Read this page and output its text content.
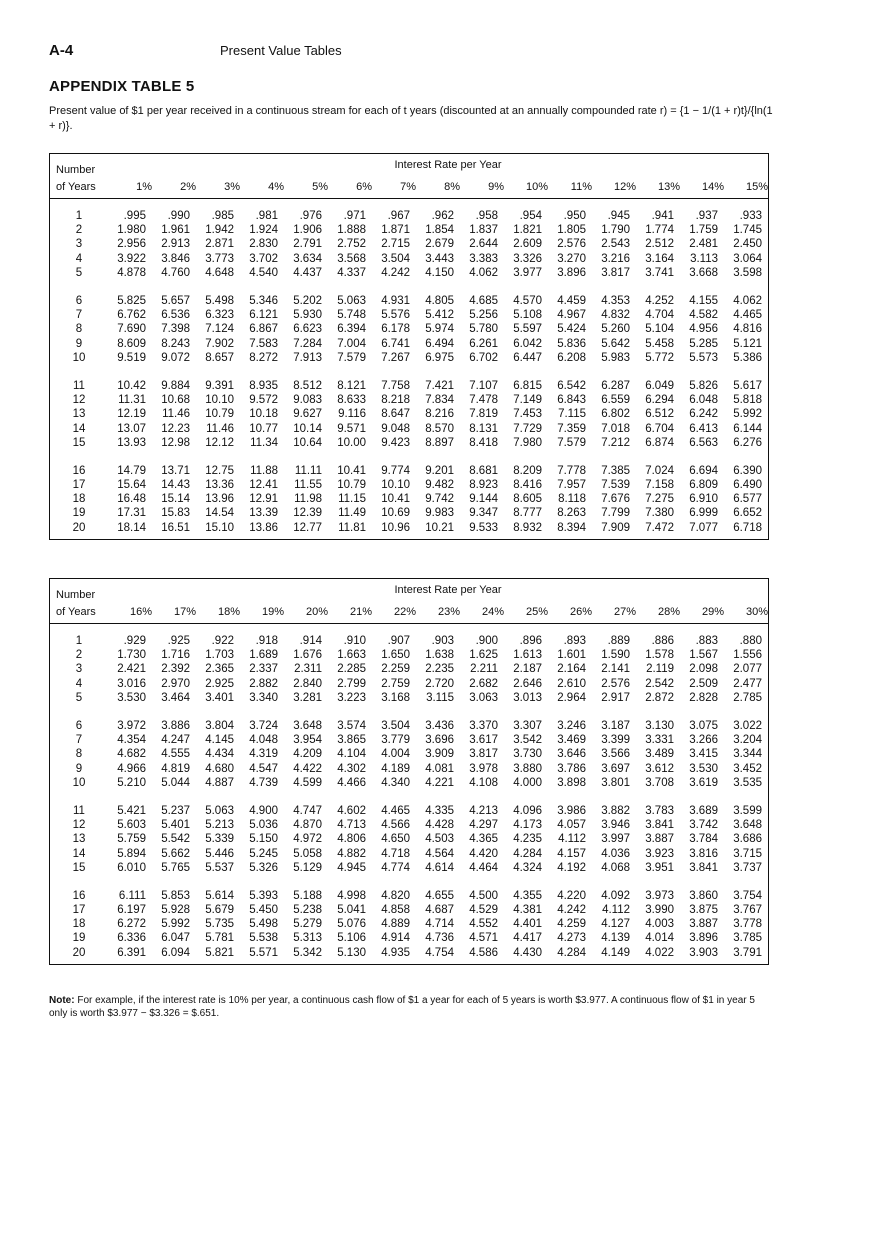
A-4	Present Value Tables
APPENDIX TABLE 5
Present value of $1 per year received in a continuous stream for each of t years (discounted at an annually compounded rate r) = {1 − 1/(1 + r)t}/{ln(1 + r)}.
Number	Interest Rate per Year														
of Years	1%	2%	3%	4%	5%	6%	7%	8%	9%	10%	11%	12%	13%	14%	15%
1	.995	.990	.985	.981	.976	.971	.967	.962	.958	.954	.950	.945	.941	.937	.933
2	1.980	1.961	1.942	1.924	1.906	1.888	1.871	1.854	1.837	1.821	1.805	1.790	1.774	1.759	1.745
3	2.956	2.913	2.871	2.830	2.791	2.752	2.715	2.679	2.644	2.609	2.576	2.543	2.512	2.481	2.450
4	3.922	3.846	3.773	3.702	3.634	3.568	3.504	3.443	3.383	3.326	3.270	3.216	3.164	3.113	3.064
5	4.878	4.760	4.648	4.540	4.437	4.337	4.242	4.150	4.062	3.977	3.896	3.817	3.741	3.668	3.598
6	5.825	5.657	5.498	5.346	5.202	5.063	4.931	4.805	4.685	4.570	4.459	4.353	4.252	4.155	4.062
7	6.762	6.536	6.323	6.121	5.930	5.748	5.576	5.412	5.256	5.108	4.967	4.832	4.704	4.582	4.465
8	7.690	7.398	7.124	6.867	6.623	6.394	6.178	5.974	5.780	5.597	5.424	5.260	5.104	4.956	4.816
9	8.609	8.243	7.902	7.583	7.284	7.004	6.741	6.494	6.261	6.042	5.836	5.642	5.458	5.285	5.121
10	9.519	9.072	8.657	8.272	7.913	7.579	7.267	6.975	6.702	6.447	6.208	5.983	5.772	5.573	5.386
11	10.42	9.884	9.391	8.935	8.512	8.121	7.758	7.421	7.107	6.815	6.542	6.287	6.049	5.826	5.617
12	11.31	10.68	10.10	9.572	9.083	8.633	8.218	7.834	7.478	7.149	6.843	6.559	6.294	6.048	5.818
13	12.19	11.46	10.79	10.18	9.627	9.116	8.647	8.216	7.819	7.453	7.115	6.802	6.512	6.242	5.992
14	13.07	12.23	11.46	10.77	10.14	9.571	9.048	8.570	8.131	7.729	7.359	7.018	6.704	6.413	6.144
15	13.93	12.98	12.12	11.34	10.64	10.00	9.423	8.897	8.418	7.980	7.579	7.212	6.874	6.563	6.276
16	14.79	13.71	12.75	11.88	11.11	10.41	9.774	9.201	8.681	8.209	7.778	7.385	7.024	6.694	6.390
17	15.64	14.43	13.36	12.41	11.55	10.79	10.10	9.482	8.923	8.416	7.957	7.539	7.158	6.809	6.490
18	16.48	15.14	13.96	12.91	11.98	11.15	10.41	9.742	9.144	8.605	8.118	7.676	7.275	6.910	6.577
19	17.31	15.83	14.54	13.39	12.39	11.49	10.69	9.983	9.347	8.777	8.263	7.799	7.380	6.999	6.652
20	18.14	16.51	15.10	13.86	12.77	11.81	10.96	10.21	9.533	8.932	8.394	7.909	7.472	7.077	6.718
Number	Interest Rate per Year														
of Years	16%	17%	18%	19%	20%	21%	22%	23%	24%	25%	26%	27%	28%	29%	30%
1	.929	.925	.922	.918	.914	.910	.907	.903	.900	.896	.893	.889	.886	.883	.880
2	1.730	1.716	1.703	1.689	1.676	1.663	1.650	1.638	1.625	1.613	1.601	1.590	1.578	1.567	1.556
3	2.421	2.392	2.365	2.337	2.311	2.285	2.259	2.235	2.211	2.187	2.164	2.141	2.119	2.098	2.077
4	3.016	2.970	2.925	2.882	2.840	2.799	2.759	2.720	2.682	2.646	2.610	2.576	2.542	2.509	2.477
5	3.530	3.464	3.401	3.340	3.281	3.223	3.168	3.115	3.063	3.013	2.964	2.917	2.872	2.828	2.785
6	3.972	3.886	3.804	3.724	3.648	3.574	3.504	3.436	3.370	3.307	3.246	3.187	3.130	3.075	3.022
7	4.354	4.247	4.145	4.048	3.954	3.865	3.779	3.696	3.617	3.542	3.469	3.399	3.331	3.266	3.204
8	4.682	4.555	4.434	4.319	4.209	4.104	4.004	3.909	3.817	3.730	3.646	3.566	3.489	3.415	3.344
9	4.966	4.819	4.680	4.547	4.422	4.302	4.189	4.081	3.978	3.880	3.786	3.697	3.612	3.530	3.452
10	5.210	5.044	4.887	4.739	4.599	4.466	4.340	4.221	4.108	4.000	3.898	3.801	3.708	3.619	3.535
11	5.421	5.237	5.063	4.900	4.747	4.602	4.465	4.335	4.213	4.096	3.986	3.882	3.783	3.689	3.599
12	5.603	5.401	5.213	5.036	4.870	4.713	4.566	4.428	4.297	4.173	4.057	3.946	3.841	3.742	3.648
13	5.759	5.542	5.339	5.150	4.972	4.806	4.650	4.503	4.365	4.235	4.112	3.997	3.887	3.784	3.686
14	5.894	5.662	5.446	5.245	5.058	4.882	4.718	4.564	4.420	4.284	4.157	4.036	3.923	3.816	3.715
15	6.010	5.765	5.537	5.326	5.129	4.945	4.774	4.614	4.464	4.324	4.192	4.068	3.951	3.841	3.737
16	6.111	5.853	5.614	5.393	5.188	4.998	4.820	4.655	4.500	4.355	4.220	4.092	3.973	3.860	3.754
17	6.197	5.928	5.679	5.450	5.238	5.041	4.858	4.687	4.529	4.381	4.242	4.112	3.990	3.875	3.767
18	6.272	5.992	5.735	5.498	5.279	5.076	4.889	4.714	4.552	4.401	4.259	4.127	4.003	3.887	3.778
19	6.336	6.047	5.781	5.538	5.313	5.106	4.914	4.736	4.571	4.417	4.273	4.139	4.014	3.896	3.785
20	6.391	6.094	5.821	5.571	5.342	5.130	4.935	4.754	4.586	4.430	4.284	4.149	4.022	3.903	3.791
Note: For example, if the interest rate is 10% per year, a continuous cash flow of $1 a year for each of 5 years is worth $3.977. A continuous flow of $1 in year 5 only is worth $3.977 − $3.326 = $.651.
